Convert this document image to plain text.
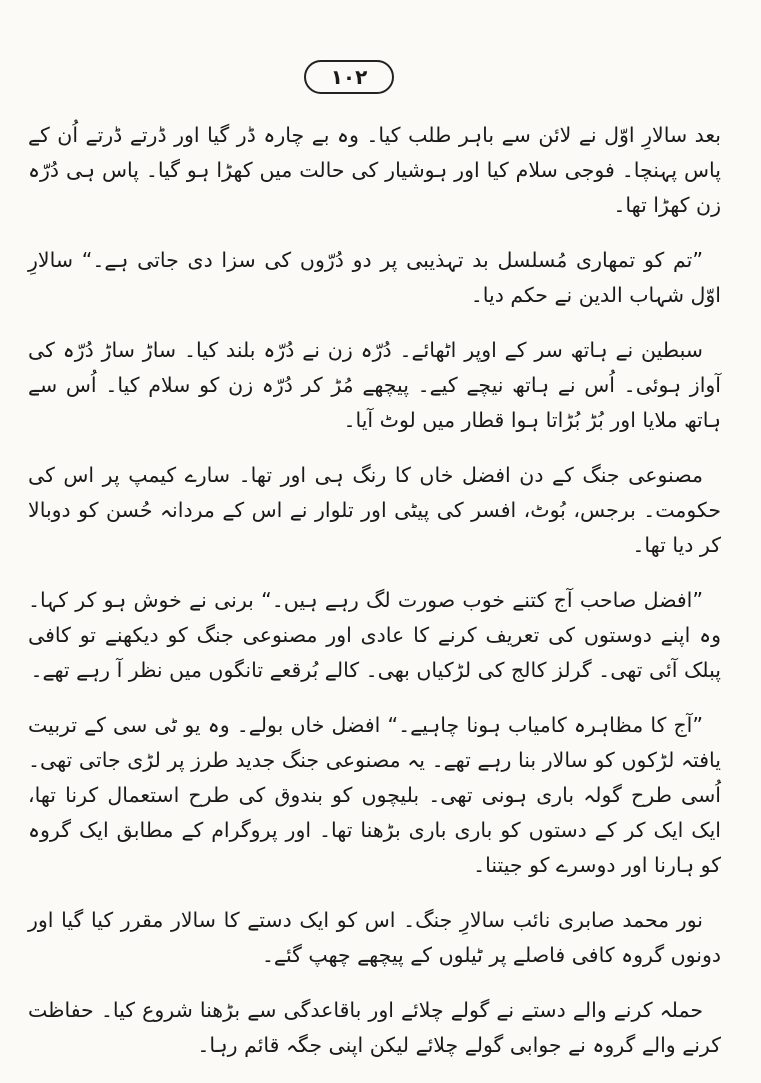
۱۰۲

بعد سالارِ اوّل نے لائن سے باہر طلب کیا۔ وہ بے چارہ ڈر گیا اور ڈرتے ڈرتے اُن کے پاس پہنچا۔ فوجی سلام کیا اور ہوشیار کی حالت میں کھڑا ہو گیا۔ پاس ہی دُرّہ زن کھڑا تھا۔

”تم کو تمھاری مُسلسل بد تہذیبی پر دو دُرّوں کی سزا دی جاتی ہے۔“ سالارِ اوّل شہاب الدین نے حکم دیا۔

سبطین نے ہاتھ سر کے اوپر اٹھائے۔ دُرّہ زن نے دُرّہ بلند کیا۔ ساڑ ساڑ دُرّہ کی آواز ہوئی۔ اُس نے ہاتھ نیچے کیے۔ پیچھے مُڑ کر دُرّہ زن کو سلام کیا۔ اُس سے ہاتھ ملایا اور بُڑ بُڑاتا ہوا قطار میں لوٹ آیا۔

مصنوعی جنگ کے دن افضل خاں کا رنگ ہی اور تھا۔ سارے کیمپ پر اس کی حکومت۔ برجس، بُوٹ، افسر کی پیٹی اور تلوار نے اس کے مردانہ حُسن کو دوبالا کر دیا تھا۔

”افضل صاحب آج کتنے خوب صورت لگ رہے ہیں۔“ برنی نے خوش ہو کر کہا۔ وہ اپنے دوستوں کی تعریف کرنے کا عادی اور مصنوعی جنگ کو دیکھنے تو کافی پبلک آئی تھی۔ گرلز کالج کی لڑکیاں بھی۔ کالے بُرقعے تانگوں میں نظر آ رہے تھے۔

”آج کا مظاہرہ کامیاب ہونا چاہیے۔“ افضل خاں بولے۔ وہ یو ٹی سی کے تربیت یافتہ لڑکوں کو سالار بنا رہے تھے۔ یہ مصنوعی جنگ جدید طرز پر لڑی جاتی تھی۔ اُسی طرح گولہ باری ہونی تھی۔ بلیچوں کو بندوق کی طرح استعمال کرنا تھا، ایک ایک کر کے دستوں کو باری باری بڑھنا تھا۔ اور پروگرام کے مطابق ایک گروہ کو ہارنا اور دوسرے کو جیتنا۔

نور محمد صابری نائب سالارِ جنگ۔ اس کو ایک دستے کا سالار مقرر کیا گیا اور دونوں گروہ کافی فاصلے پر ٹیلوں کے پیچھے چھپ گئے۔

حملہ کرنے والے دستے نے گولے چلائے اور باقاعدگی سے بڑھنا شروع کیا۔ حفاظت کرنے والے گروہ نے جوابی گولے چلائے لیکن اپنی جگہ قائم رہا۔
